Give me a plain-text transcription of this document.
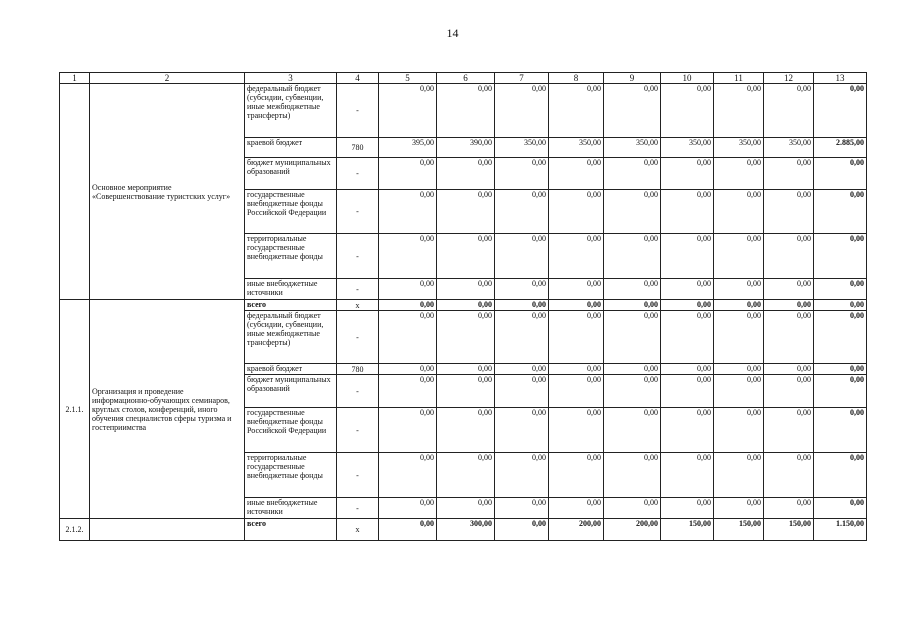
14
1	2	3	4	5	6	7	8	9	10	11	12	13
	Основное мероприятие «Совершенствование туристских услуг»	федеральный бюджет (субсидии, субвенции, иные межбюджетные трансферты)	-	0,00	0,00	0,00	0,00	0,00	0,00	0,00	0,00	0,00
		краевой бюджет	780	395,00	390,00	350,00	350,00	350,00	350,00	350,00	350,00	2.885,00
		бюджет муниципальных образований	-	0,00	0,00	0,00	0,00	0,00	0,00	0,00	0,00	0,00
		государственные внебюджетные фонды Российской Федерации	-	0,00	0,00	0,00	0,00	0,00	0,00	0,00	0,00	0,00
		территориальные государственные внебюджетные фонды	-	0,00	0,00	0,00	0,00	0,00	0,00	0,00	0,00	0,00
		иные внебюджетные источники	-	0,00	0,00	0,00	0,00	0,00	0,00	0,00	0,00	0,00
2.1.1.	Организация и проведение информационно-обучающих семинаров, круглых столов, конференций, иного обучения специалистов сферы туризма и гостеприимства	всего	х	0,00	0,00	0,00	0,00	0,00	0,00	0,00	0,00	0,00
		федеральный бюджет (субсидии, субвенции, иные межбюджетные трансферты)	-	0,00	0,00	0,00	0,00	0,00	0,00	0,00	0,00	0,00
		краевой бюджет	780	0,00	0,00	0,00	0,00	0,00	0,00	0,00	0,00	0,00
		бюджет муниципальных образований	-	0,00	0,00	0,00	0,00	0,00	0,00	0,00	0,00	0,00
		государственные внебюджетные фонды Российской Федерации	-	0,00	0,00	0,00	0,00	0,00	0,00	0,00	0,00	0,00
		территориальные государственные внебюджетные фонды	-	0,00	0,00	0,00	0,00	0,00	0,00	0,00	0,00	0,00
		иные внебюджетные источники	-	0,00	0,00	0,00	0,00	0,00	0,00	0,00	0,00	0,00
2.1.2.		всего	х	0,00	300,00	0,00	200,00	200,00	150,00	150,00	150,00	1.150,00
